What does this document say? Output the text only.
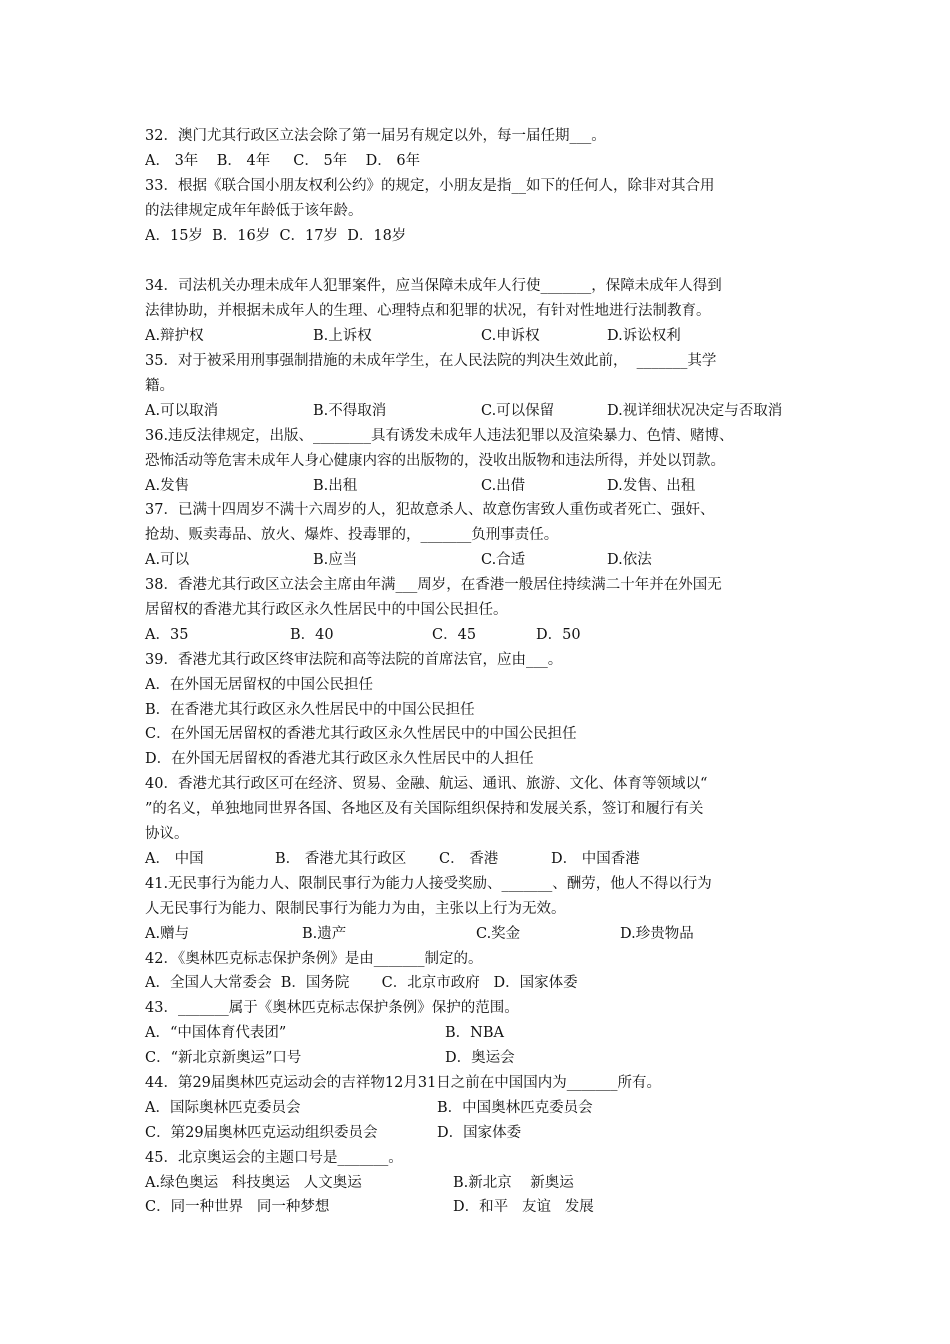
32．澳门尤其行政区立法会除了第一届另有规定以外，每一届任期___。
A． 3年    B． 4年     C． 5年    D． 6年
33．根据《联合国小朋友权利公约》的规定，小朋友是指__如下的任何人，除非对其合用
的法律规定成年年龄低于该年龄。
A．15岁  B．16岁  C．17岁  D．18岁
34．司法机关办理未成年人犯罪案件，应当保障未成年人行使_______，保障未成年人得到
法律协助，并根据未成年人的生理、心理特点和犯罪的状况，有针对性地进行法制教育。
A.辩护权	B.上诉权	C.申诉权	D.诉讼权利
35．对于被采用刑事强制措施的未成年学生，在人民法院的判决生效此前，  _______其学
籍。
A.可以取消	B.不得取消	C.可以保留	D.视详细状况决定与否取消
36.违反法律规定，出版、________具有诱发未成年人违法犯罪以及渲染暴力、色情、赌博、
恐怖活动等危害未成年人身心健康内容的出版物的，没收出版物和违法所得，并处以罚款。
A.发售	B.出租	C.出借	D.发售、出租
37．已满十四周岁不满十六周岁的人，犯故意杀人、故意伤害致人重伤或者死亡、强奸、
抢劫、贩卖毒品、放火、爆炸、投毒罪的，_______负刑事责任。
A.可以	B.应当	C.合适	D.依法
38．香港尤其行政区立法会主席由年满___周岁，在香港一般居住持续满二十年并在外国无
居留权的香港尤其行政区永久性居民中的中国公民担任。
A．35	B．40	C．45	D．50
39．香港尤其行政区终审法院和高等法院的首席法官，应由___。
A．在外国无居留权的中国公民担任
B．在香港尤其行政区永久性居民中的中国公民担任
C．在外国无居留权的香港尤其行政区永久性居民中的中国公民担任
D．在外国无居留权的香港尤其行政区永久性居民中的人担任
40．香港尤其行政区可在经济、贸易、金融、航运、通讯、旅游、文化、体育等领域以“
”的名义，单独地同世界各国、各地区及有关国际组织保持和发展关系，签订和履行有关
协议。
A． 中国	B． 香港尤其行政区	C． 香港	D． 中国香港
41.无民事行为能力人、限制民事行为能力人接受奖励、_______、酬劳，他人不得以行为
人无民事行为能力、限制民事行为能力为由，主张以上行为无效。
A.赠与	B.遗产	C.奖金	D.珍贵物品
42．《奥林匹克标志保护条例》是由_______制定的。
A．全国人大常委会  B．国务院       C．北京市政府   D．国家体委
43．_______属于《奥林匹克标志保护条例》保护的范围。
A．“中国体育代表团”	B．NBA
C．“新北京新奥运”口号	D．奥运会
44．第29届奥林匹克运动会的吉祥物12月31日之前在中国国内为_______所有。
A．国际奥林匹克委员会	B．中国奥林匹克委员会
C．第29届奥林匹克运动组织委员会	D．国家体委
45．北京奥运会的主题口号是_______。
A.绿色奥运   科技奥运   人文奥运	B.新北京    新奥运
C．同一种世界   同一种梦想	D．和平   友谊   发展
